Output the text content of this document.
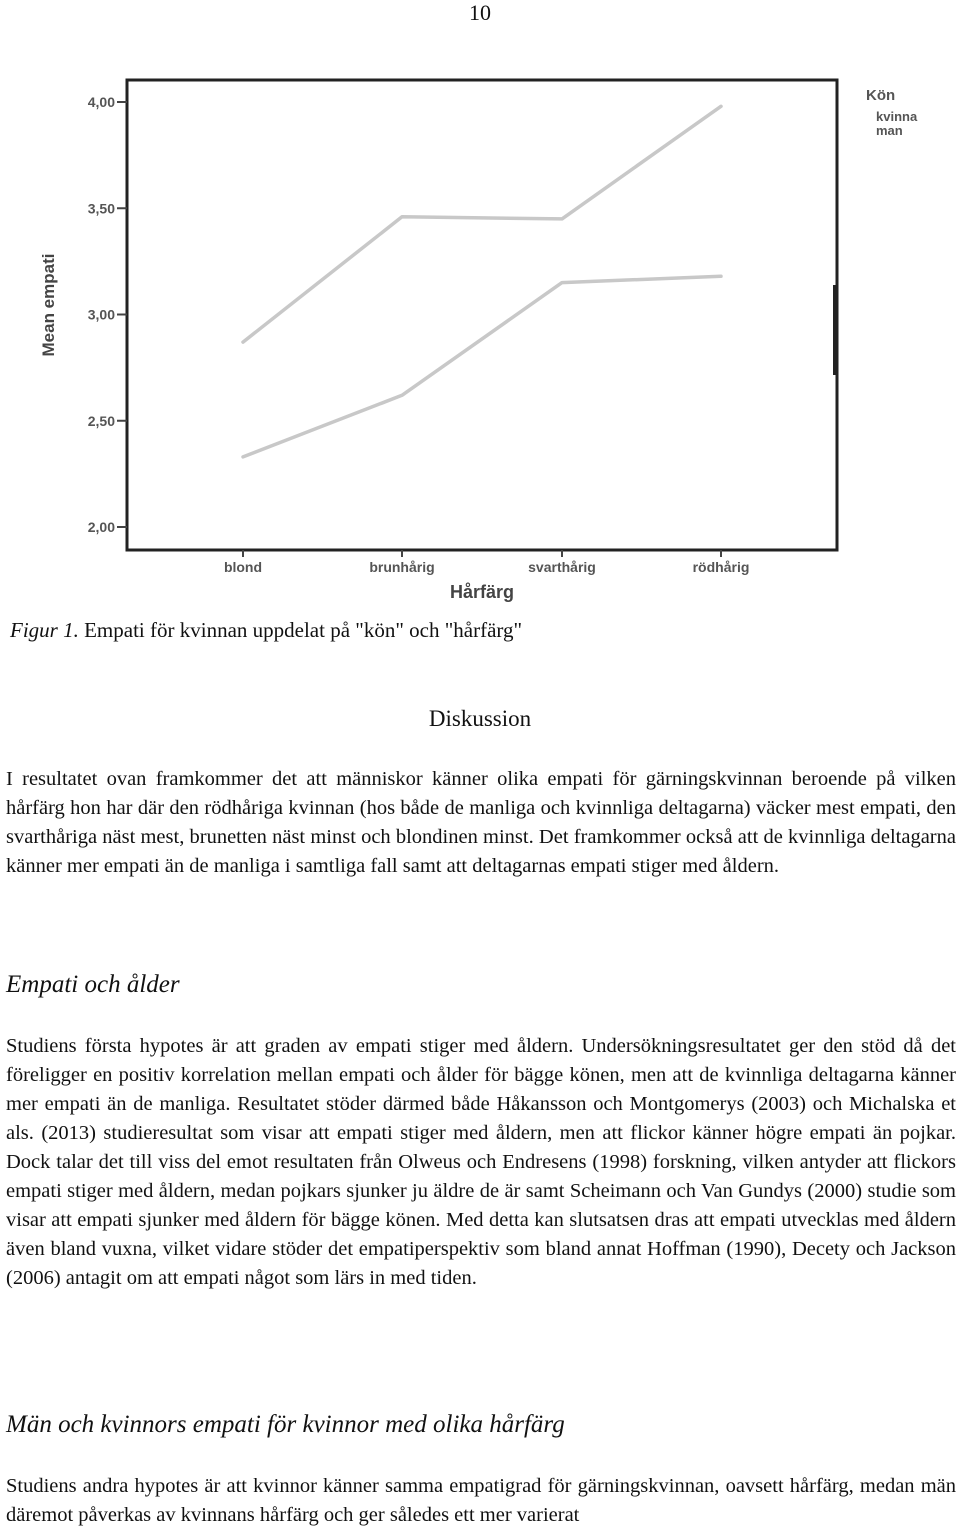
10
2,00
2,50
3,00
3,50
4,00
blond	brunhårig	svarthårig	rödhårig
Mean empati
Hårfärg
Kön
kvinna
man
Figur 1. Empati för kvinnan uppdelat på "kön" och "hårfärg"
Diskussion

I resultatet ovan framkommer det att människor känner olika empati för gärningskvinnan beroende på vilken hårfärg hon har där den rödhåriga kvinnan (hos både de manliga och kvinnliga deltagarna) väcker mest empati, den svarthåriga näst mest, brunetten näst minst och blondinen minst. Det framkommer också att de kvinnliga deltagarna känner mer empati än de manliga i samtliga fall samt att deltagarnas empati stiger med åldern.

Empati och ålder

Studiens första hypotes är att graden av empati stiger med åldern. Undersökningsresultatet ger den stöd då det föreligger en positiv korrelation mellan empati och ålder för bägge könen, men att de kvinnliga deltagarna känner mer empati än de manliga. Resultatet stöder därmed både Håkansson och Montgomerys (2003) och Michalska et als. (2013) studieresultat som visar att empati stiger med åldern, men att flickor känner högre empati än pojkar. Dock talar det till viss del emot resultaten från Olweus och Endresens (1998) forskning, vilken antyder att flickors empati stiger med åldern, medan pojkars sjunker ju äldre de är samt Scheimann och Van Gundys (2000) studie som visar att empati sjunker med åldern för bägge könen. Med detta kan slutsatsen dras att empati utvecklas med åldern även bland vuxna, vilket vidare stöder det empatiperspektiv som bland annat Hoffman (1990), Decety och Jackson (2006) antagit om att empati något som lärs in med tiden.

Män och kvinnors empati för kvinnor med olika hårfärg

Studiens andra hypotes är att kvinnor känner samma empatigrad för gärningskvinnan, oavsett hårfärg, medan män däremot påverkas av kvinnans hårfärg och ger således ett mer varierat
